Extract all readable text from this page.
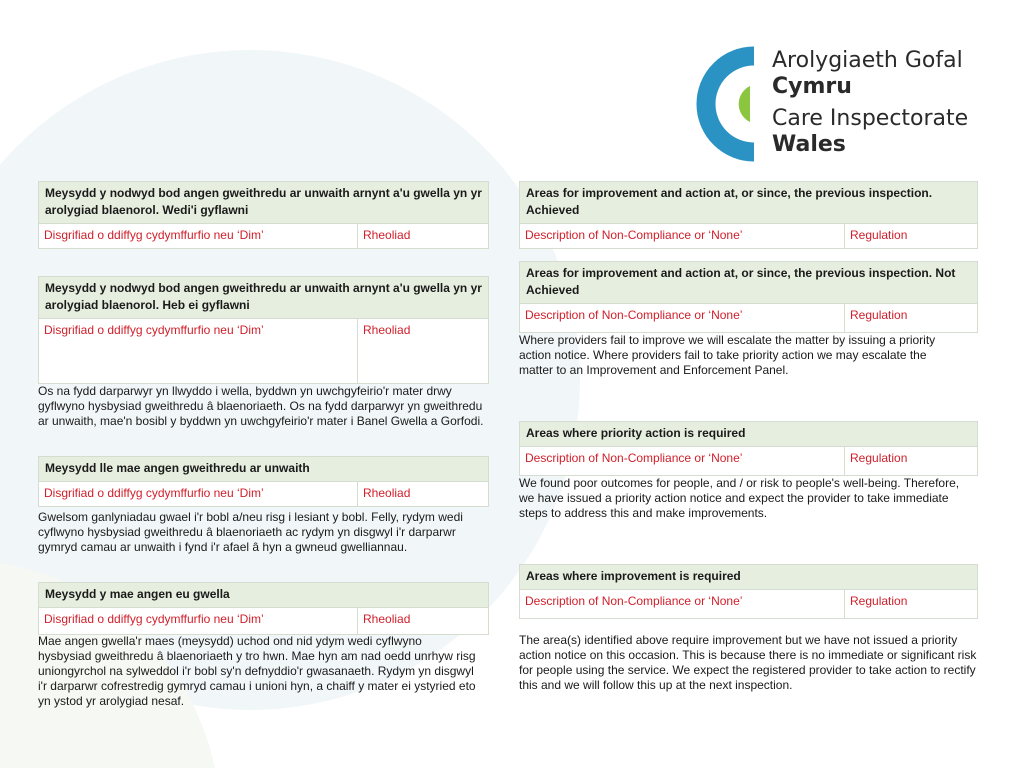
Arolygiaeth Gofal
Cymru
Care Inspectorate
Wales
Meysydd y nodwyd bod angen gweithredu ar unwaith arnynt a'u gwella yn yr arolygiad blaenorol. Wedi'i gyflawni
Disgrifiad o ddiffyg cydymffurfio neu ‘Dim’	Rheoliad
Meysydd y nodwyd bod angen gweithredu ar unwaith arnynt a'u gwella yn yr arolygiad blaenorol. Heb ei gyflawni
Disgrifiad o ddiffyg cydymffurfio neu ‘Dim’	Rheoliad
Os na fydd darparwyr yn llwyddo i wella, byddwn yn uwchgyfeirio'r mater drwy gyflwyno hysbysiad gweithredu â blaenoriaeth. Os na fydd darparwyr yn gweithredu ar unwaith, mae'n bosibl y byddwn yn uwchgyfeirio'r mater i Banel Gwella a Gorfodi.
Meysydd lle mae angen gweithredu ar unwaith
Disgrifiad o ddiffyg cydymffurfio neu ‘Dim’	Rheoliad
Gwelsom ganlyniadau gwael i'r bobl a/neu risg i lesiant y bobl. Felly, rydym wedi cyflwyno hysbysiad gweithredu â blaenoriaeth ac rydym yn disgwyl i'r darparwr gymryd camau ar unwaith i fynd i'r afael â hyn a gwneud gwelliannau.
Meysydd y mae angen eu gwella
Disgrifiad o ddiffyg cydymffurfio neu ‘Dim’	Rheoliad
Mae angen gwella'r maes (meysydd) uchod ond nid ydym wedi cyflwyno hysbysiad gweithredu â blaenoriaeth y tro hwn. Mae hyn am nad oedd unrhyw risg uniongyrchol na sylweddol i'r bobl sy'n defnyddio'r gwasanaeth. Rydym yn disgwyl i'r darparwr cofrestredig gymryd camau i unioni hyn, a chaiff y mater ei ystyried eto yn ystod yr arolygiad nesaf.
Areas for improvement and action at, or since, the previous inspection. Achieved
Description of Non-Compliance or ‘None’	Regulation
Areas for improvement and action at, or since, the previous inspection. Not Achieved
Description of Non-Compliance or ‘None’	Regulation
Where providers fail to improve we will escalate the matter by issuing a priority action notice. Where providers fail to take priority action we may escalate the matter to an Improvement and Enforcement Panel.
Areas where priority action is required
Description of Non-Compliance or ‘None’	Regulation
We found poor outcomes for people, and / or risk to people's well-being. Therefore, we have issued a priority action notice and expect the provider to take immediate steps to address this and make improvements.
Areas where improvement is required
Description of Non-Compliance or ‘None’	Regulation
The area(s) identified above require improvement but we have not issued a priority action notice on this occasion. This is because there is no immediate or significant risk for people using the service. We expect the registered provider to take action to rectify this and we will follow this up at the next inspection.
